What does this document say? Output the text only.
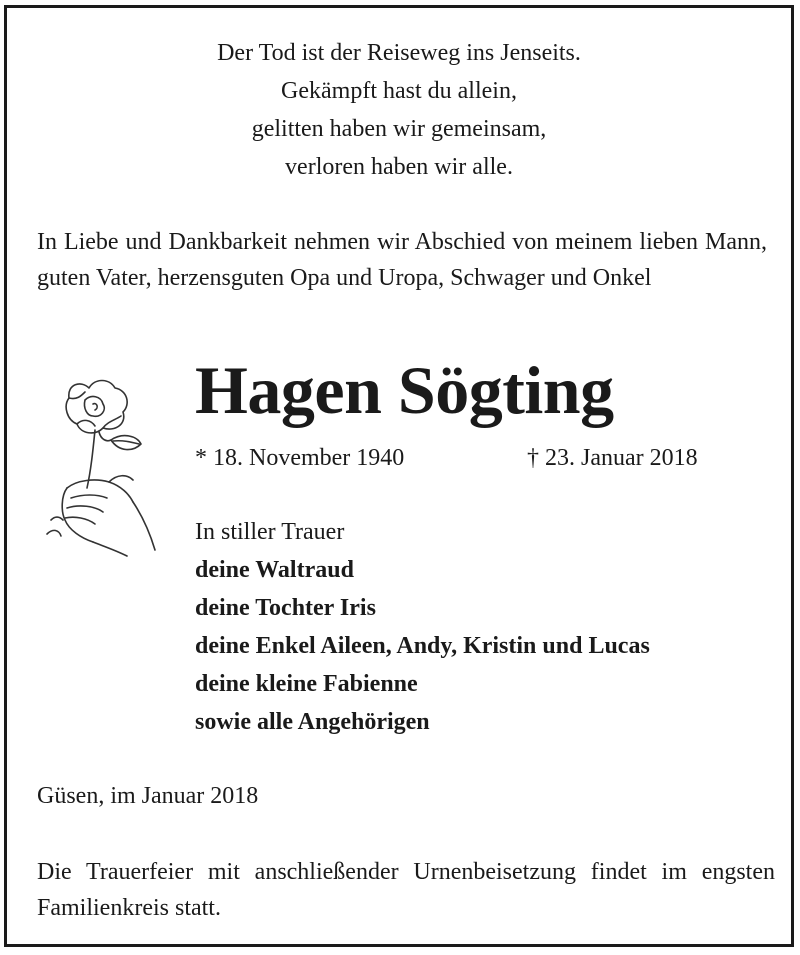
Der Tod ist der Reiseweg ins Jenseits.
Gekämpft hast du allein,
gelitten haben wir gemeinsam,
verloren haben wir alle.
In Liebe und Dankbarkeit nehmen wir Abschied von meinem lieben Mann, guten Vater, herzensguten Opa und Uropa, Schwager und Onkel
Hagen Sögting
* 18. November 1940	† 23. Januar 2018
In stiller Trauer
deine Waltraud
deine Tochter Iris
deine Enkel Aileen, Andy, Kristin und Lucas
deine kleine Fabienne
sowie alle Angehörigen
Güsen, im Januar 2018
Die Trauerfeier mit anschließender Urnenbeisetzung findet im engsten Familienkreis statt.
